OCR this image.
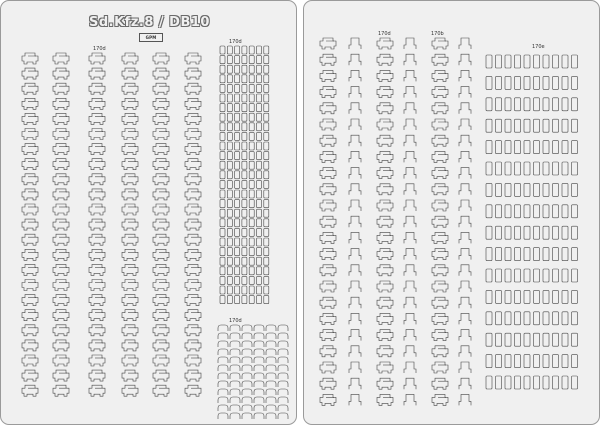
Sd.Kfz.8 / DB10
GPM
170d
170d
170d
170d	170b
170e
